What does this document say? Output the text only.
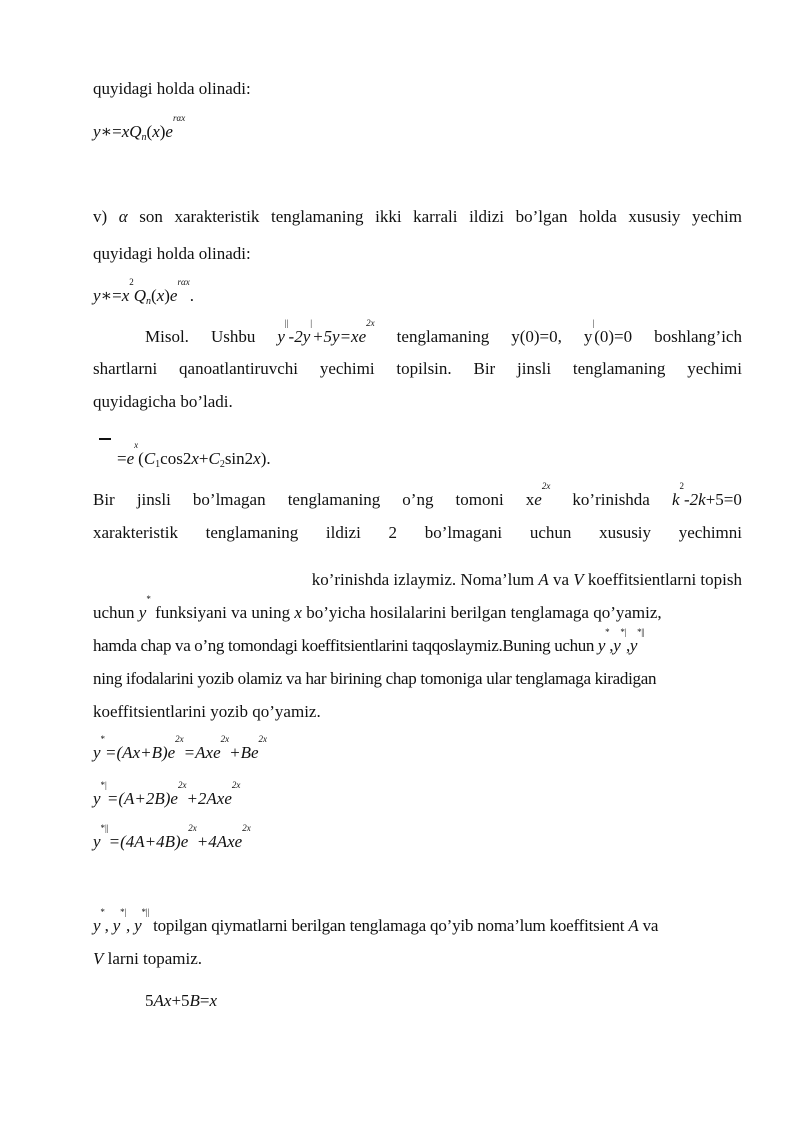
quyidagi holda olinadi:
$y∗=xQ_n(x)e^{r\alpha x}$
v) α son xarakteristik tenglamaning ikki karrali ildizi bo’lgan holda xususiy yechim
quyidagi holda olinadi:
$y∗=x^2Q_n(x)e^{r\alpha x}$.
Misol. Ushbu $y^{||}-2y^|+5y=xe^{2x}$
tenglamaning y(0)=0, y|(0)=0 boshlang’ich
shartlarni qanoatlantiruvchi yechimi topilsin. Bir jinsli tenglamaning yechimi
quyidagicha bo’ladi.
$=e^x(C_1\cos 2x+C_2\sin 2x)$.
Bir jinsli bo’lmagan tenglamaning o’ng tomoni $xe^{2x}$
ko’rinishda $k^2-2k+5=0$
xarakteristik tenglamaning ildizi 2 bo’lmagani uchun xususiy yechimni
ko’rinishda izlaymiz. Noma’lum A va V koeffitsientlarni topish
uchun y* funksiyani va uning x bo’yicha hosilalarini berilgan tenglamaga qo’yamiz,
hamda chap va o’ng tomondagi koeffitsientlarini taqqoslaymiz.Buning uchun y*,y*|,y*||
ning ifodalarini yozib olamiz va har birining chap tomoniga ular tenglamaga kiradigan
koeffitsientlarini yozib qo’yamiz.
$y^*=(Ax+B)e^{2x}=Axe^{2x}+Be^{2x}$
$y^{*|}=(A+2B)e^{2x}+2Axe^{2x}$
$y^{*||}=(4A+4B)e^{2x}+4Axe^{2x}$
y*, y*|, y*|| topilgan qiymatlarni berilgan tenglamaga qo’yib noma’lum koeffitsient A va
V larni topamiz.
5Ax+5B=x
